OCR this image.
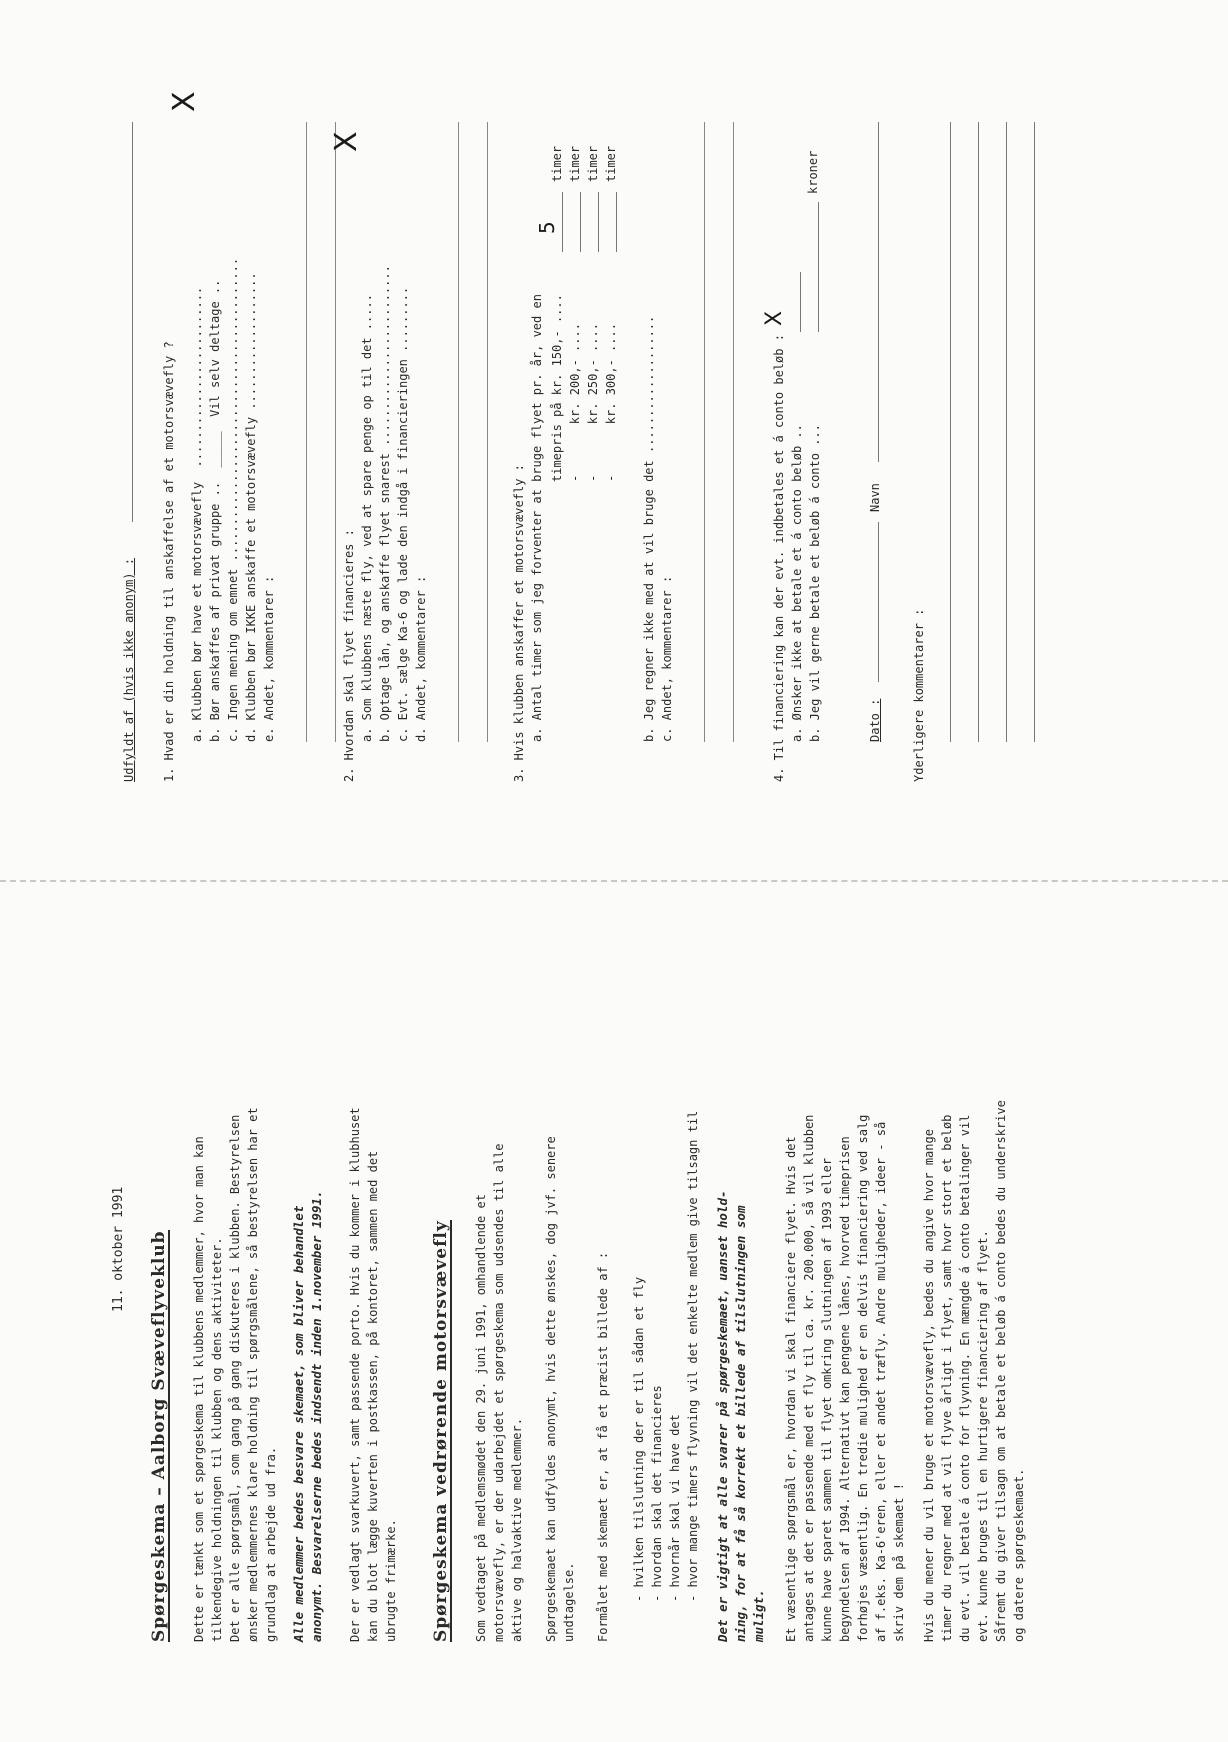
11. oktober 1991 Spørgeskema – Aalborg Svæveflyveklub Dette er tænkt som et spørgeskema til klubbens medlemmer, hvor man kan
tilkendegive holdningen til klubben og dens aktiviteter.
Det er alle spørgsmål, som gang på gang diskuteres i klubben. Bestyrelsen
ønsker medlemmernes klare holdning til spørgsmålene, så bestyrelsen har et
grundlag at arbejde ud fra.

Alle medlemmer bedes besvare skemaet, som bliver behandlet
anonymt. Besvarelserne bedes indsendt inden 1.november 1991.

Der er vedlagt svarkuvert, samt passende porto. Hvis du kommer i klubhuset
kan du blot lægge kuverten i postkassen, på kontoret, sammen med det
ubrugte frimærke. Spørgeskema vedrørende motorsvævefly Som vedtaget på medlemsmødet den 29. juni 1991, omhandlende et
motorsvævefly, er der udarbejdet et spørgeskema som udsendes til alle
aktive og halvaktive medlemmer.

Spørgeskemaet kan udfyldes anonymt, hvis dette ønskes, dog jvf. senere
undtagelse. Formålet med skemaet er, at få et præcist billede af : - hvilken tilslutning der er til sådan et fly - hvordan skal det financieres - hvornår skal vi have det - hvor mange timers flyvning vil det enkelte medlem give tilsagn til

Det er vigtigt at alle svarer på spørgeskemaet, uanset hold-
ning, for at få så korrekt et billede af tilslutningen som
muligt. Et væsentlige spørgsmål er, hvordan vi skal financiere flyet. Hvis det
antages at det er passende med et fly til ca. kr. 200.000, så vil klubben
kunne have sparet sammen til flyet omkring slutningen af 1993 eller
begyndelsen af 1994. Alternativt kan pengene lånes, hvorved timeprisen
forhøjes væsentlig. En tredie mulighed er en delvis financiering ved salg
af f.eks. Ka-6'eren, eller et andet træfly. Andre muligheder, ideer - så
skriv dem på skemaet !

Hvis du mener du vil bruge et motorsvævefly, bedes du angive hvor mange
timer du regner med at vil flyve årligt i flyet, samt hvor stort et beløb
du evt. vil betale á conto for flyvning. En mængde á conto betalinger vil
evt. kunne bruges til en hurtigere financiering af flyet.
Såfremt du giver tilsagn om at betale et beløb á conto bedes du underskrive
og datere spørgeskemaet.

Udfyldt af (hvis ikke anonym) : 1. Hvad er din holdning til anskaffelse af et motorsvævefly ? a. Klubben bør have et motorsvævefly  ......................... b. Bør anskaffes af privat gruppe ..  _____  Vil selv deltage .. c. Ingen mening om emnet .......................................... d. Klubben bør IKKE anskaffe et motorsvævefly ................... e. Andet, kommentarer :

X

2. Hvordan skal flyet financieres : a. Som klubbens næste fly, ved at spare penge op til det ..... b. Optage lån, og anskaffe flyet snarest ......................... c. Evt. sælge Ka-6 og lade den indgå i financieringen ......... d. Andet, kommentarer :

X

3. Hvis klubben anskaffer et motorsvævefly : a. Antal timer som jeg forventer at bruge flyet pr. år, ved en timepris på kr. 150,- ....
timer
-       kr. 200,- ....
timer
-       kr. 250,- ....
timer
-       kr. 300,- ....
timer
5

b. Jeg regner ikke med at vil bruge det ................... c. Andet, kommentarer :	4. Til financiering kan der evt. indbetales et á conto beløb : a. Ønsker ikke at betale et á conto beløb .. b. Jeg vil gerne betale et beløb á conto ...

X
kroner
Dato :
Navn
Yderligere kommentarer :
